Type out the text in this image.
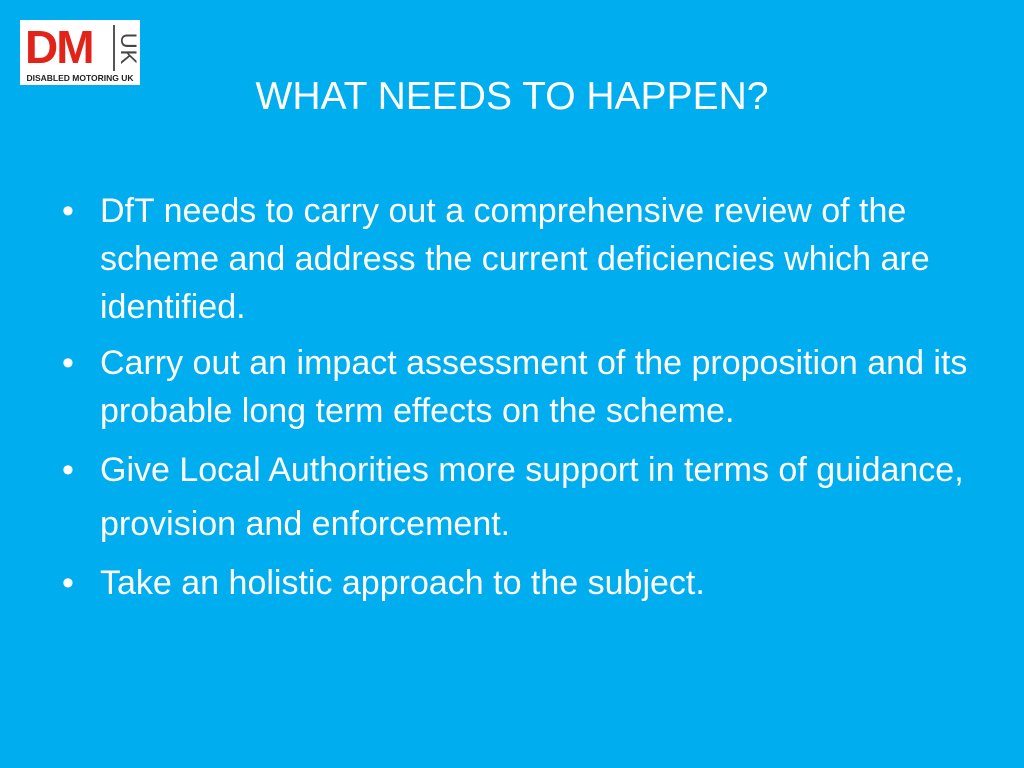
DM UK
DISABLED MOTORING UK	WHAT NEEDS TO HAPPEN?
• DfT needs to carry out a comprehensive review of the scheme and address the current deficiencies which are identified.
• Carry out an impact assessment of the proposition and its probable long term effects on the scheme.
• Give Local Authorities more support in terms of guidance, provision and enforcement.
• Take an holistic approach to the subject.
